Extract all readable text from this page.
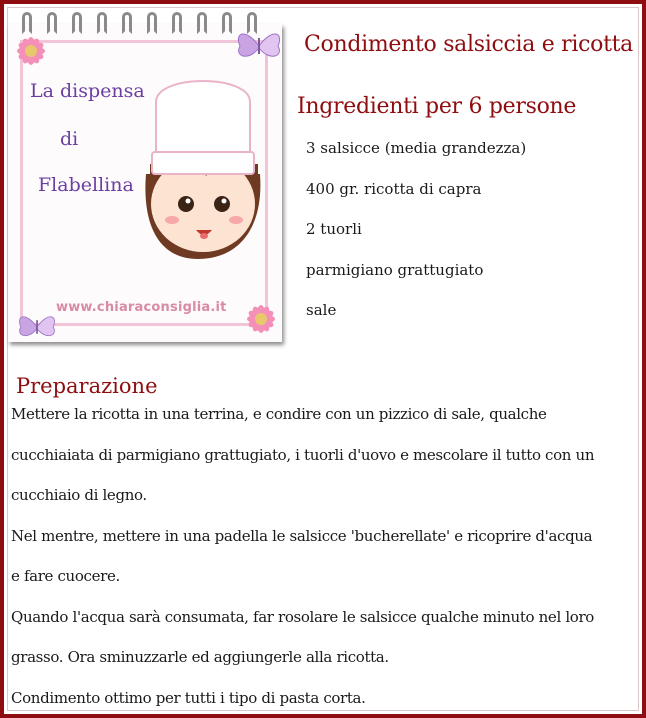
La dispensa
di
Flabellina
www.chiaraconsiglia.it
Condimento salsiccia e ricotta
Ingredienti per 6 persone
3 salsicce (media grandezza)
400 gr. ricotta di capra
2 tuorli
parmigiano grattugiato
sale
Preparazione
Mettere la ricotta in una terrina, e condire con un pizzico di sale, qualche
cucchiaiata di parmigiano grattugiato, i tuorli d'uovo e mescolare il tutto con un
cucchiaio di legno.
Nel mentre, mettere in una padella le salsicce 'bucherellate' e ricoprire d'acqua
e fare cuocere.
Quando l'acqua sarà consumata, far rosolare le salsicce qualche minuto nel loro
grasso. Ora sminuzzarle ed aggiungerle alla ricotta.
Condimento ottimo per tutti i tipo di pasta corta.
